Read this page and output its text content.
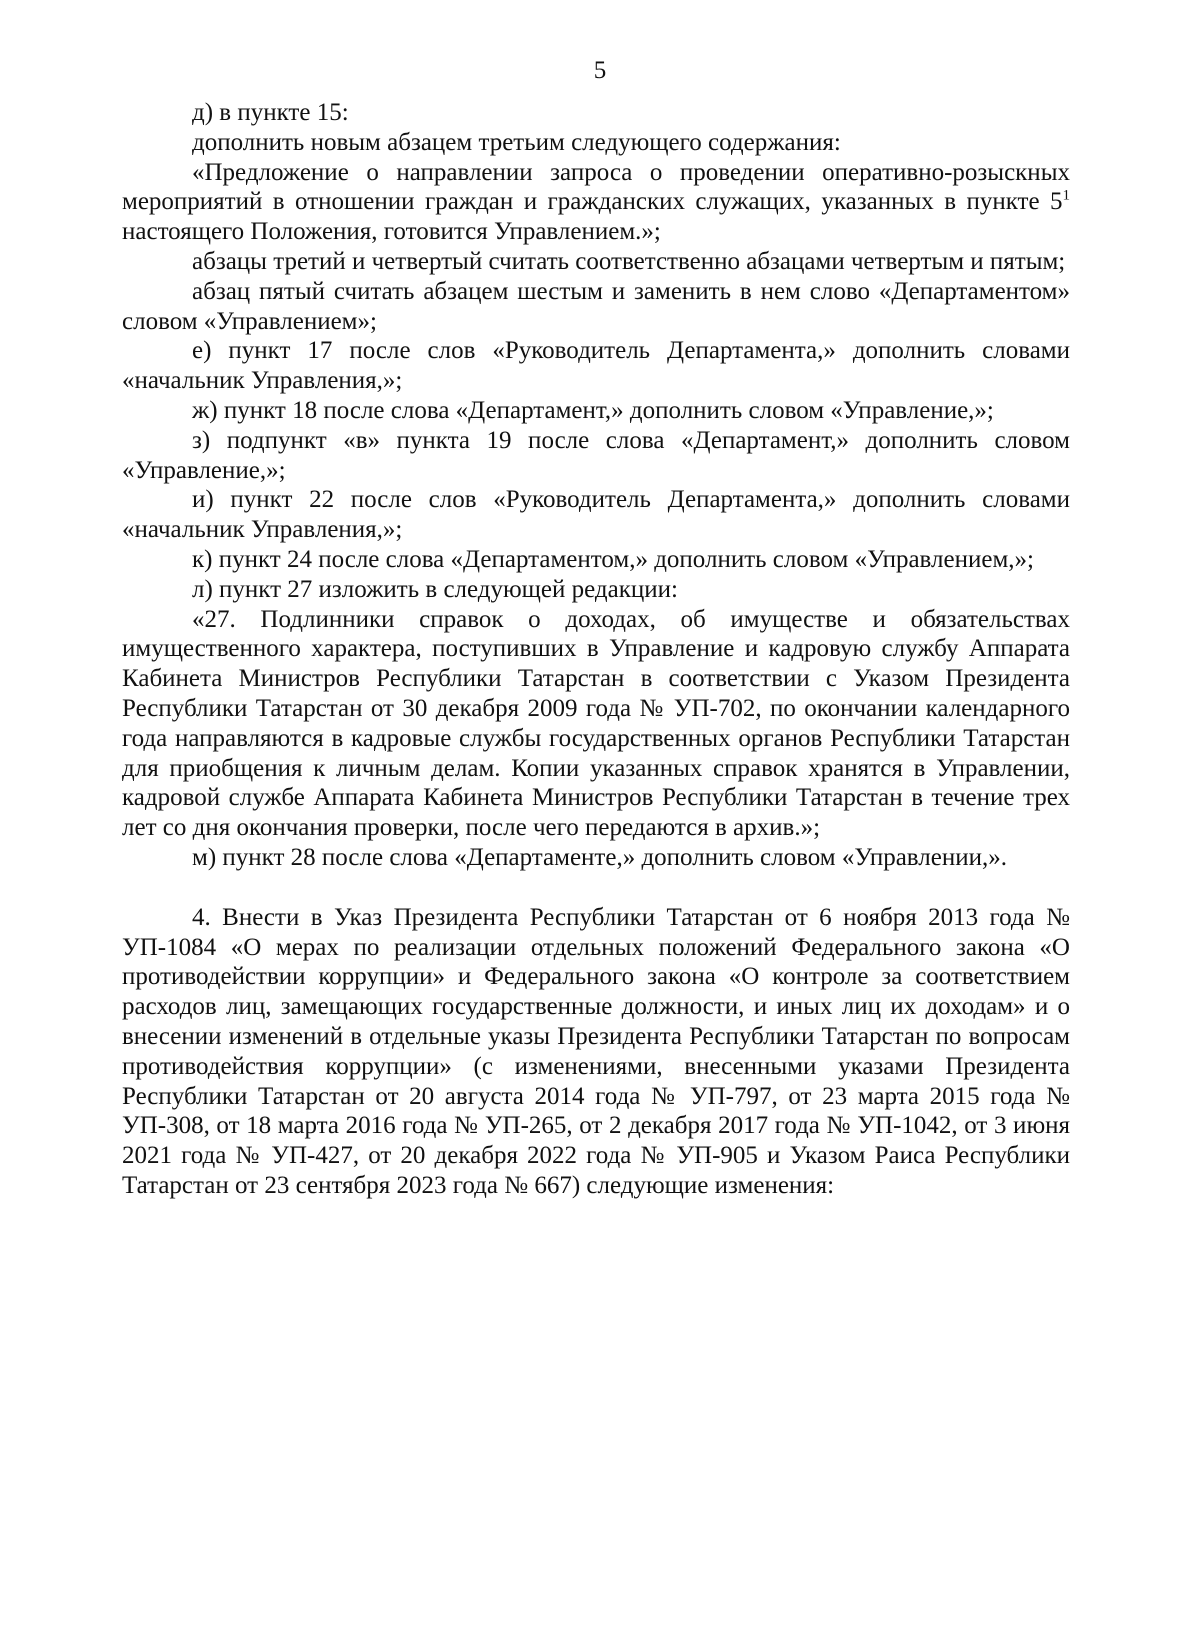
5

д) в пункте 15:

дополнить новым абзацем третьим следующего содержания:

«Предложение о направлении запроса о проведении оперативно-розыскных мероприятий в отношении граждан и гражданских служащих, указанных в пункте $5^1$ настоящего Положения, готовится Управлением.»;

абзацы третий и четвертый считать соответственно абзацами четвертым и пятым;

абзац пятый считать абзацем шестым и заменить в нем слово «Департаментом» словом «Управлением»;

е) пункт 17 после слов «Руководитель Департамента,» дополнить словами «начальник Управления,»;

ж) пункт 18 после слова «Департамент,» дополнить словом «Управление,»;

з) подпункт «в» пункта 19 после слова «Департамент,» дополнить словом «Управление,»;

и) пункт 22 после слов «Руководитель Департамента,» дополнить словами «начальник Управления,»;

к) пункт 24 после слова «Департаментом,» дополнить словом «Управлением,»;

л) пункт 27 изложить в следующей редакции:

«27. Подлинники справок о доходах, об имуществе и обязательствах имущественного характера, поступивших в Управление и кадровую службу Аппарата Кабинета Министров Республики Татарстан в соответствии с Указом Президента Республики Татарстан от 30 декабря 2009 года № УП-702, по окончании календарного года направляются в кадровые службы государственных органов Республики Татарстан для приобщения к личным делам. Копии указанных справок хранятся в Управлении, кадровой службе Аппарата Кабинета Министров Республики Татарстан в течение трех лет со дня окончания проверки, после чего передаются в архив.»;

м) пункт 28 после слова «Департаменте,» дополнить словом «Управлении,».

4. Внести в Указ Президента Республики Татарстан от 6 ноября 2013 года № УП-1084 «О мерах по реализации отдельных положений Федерального закона «О противодействии коррупции» и Федерального закона «О контроле за соответствием расходов лиц, замещающих государственные должности, и иных лиц их доходам» и о внесении изменений в отдельные указы Президента Республики Татарстан по вопросам противодействия коррупции» (с изменениями, внесенными указами Президента Республики Татарстан от 20 августа 2014 года № УП-797, от 23 марта 2015 года № УП-308, от 18 марта 2016 года № УП-265, от 2 декабря 2017 года № УП-1042, от 3 июня 2021 года № УП-427, от 20 декабря 2022 года № УП-905 и Указом Раиса Республики Татарстан от 23 сентября 2023 года № 667) следующие изменения:
